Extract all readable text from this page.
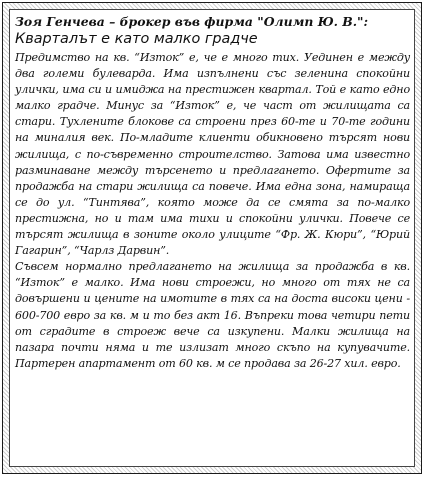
Зоя Генчева – брокер във фирма "Олимп Ю. В.":

Кварталът е като малко градче

Предимство на кв. “Изток” е, че е много тих. Уединен е между два големи булеварда. Има изпълнени със зеленина спокойни улички, има си и имиджа на престижен квартал. Той е като едно малко градче. Минус за “Изток” е, че част от жилищата са стари. Тухлените блокове са строени през 60-те и 70-те години на миналия век. По-младите клиенти обикновено търсят нови жилища, с по-съвременно строителство. Затова има известно разминаване между търсенето и предлагането. Офертите за продажба на стари жилища са повече. Има една зона, намираща се до ул. “Тинтява”, която може да се смята за по-малко престижна, но и там има тихи и спокойни улички. Повече се търсят жилища в зоните около улиците “Фр. Ж. Кюри”, “Юрий Гагарин”, “Чарлз Дарвин”.

Съвсем нормално предлагането на жилища за продажба в кв. “Изток” е малко. Има нови строежи, но много от тях не са довършени и цените на имотите в тях са на доста високи цени - 600-700 евро за кв. м и то без акт 16. Въпреки това четири пети от сградите в строеж вече са изкупени. Малки жилища на пазара почти няма и те излизат много скъпо на купувачите. Партерен апартамент от 60 кв. м се продава за 26-27 хил. евро.
